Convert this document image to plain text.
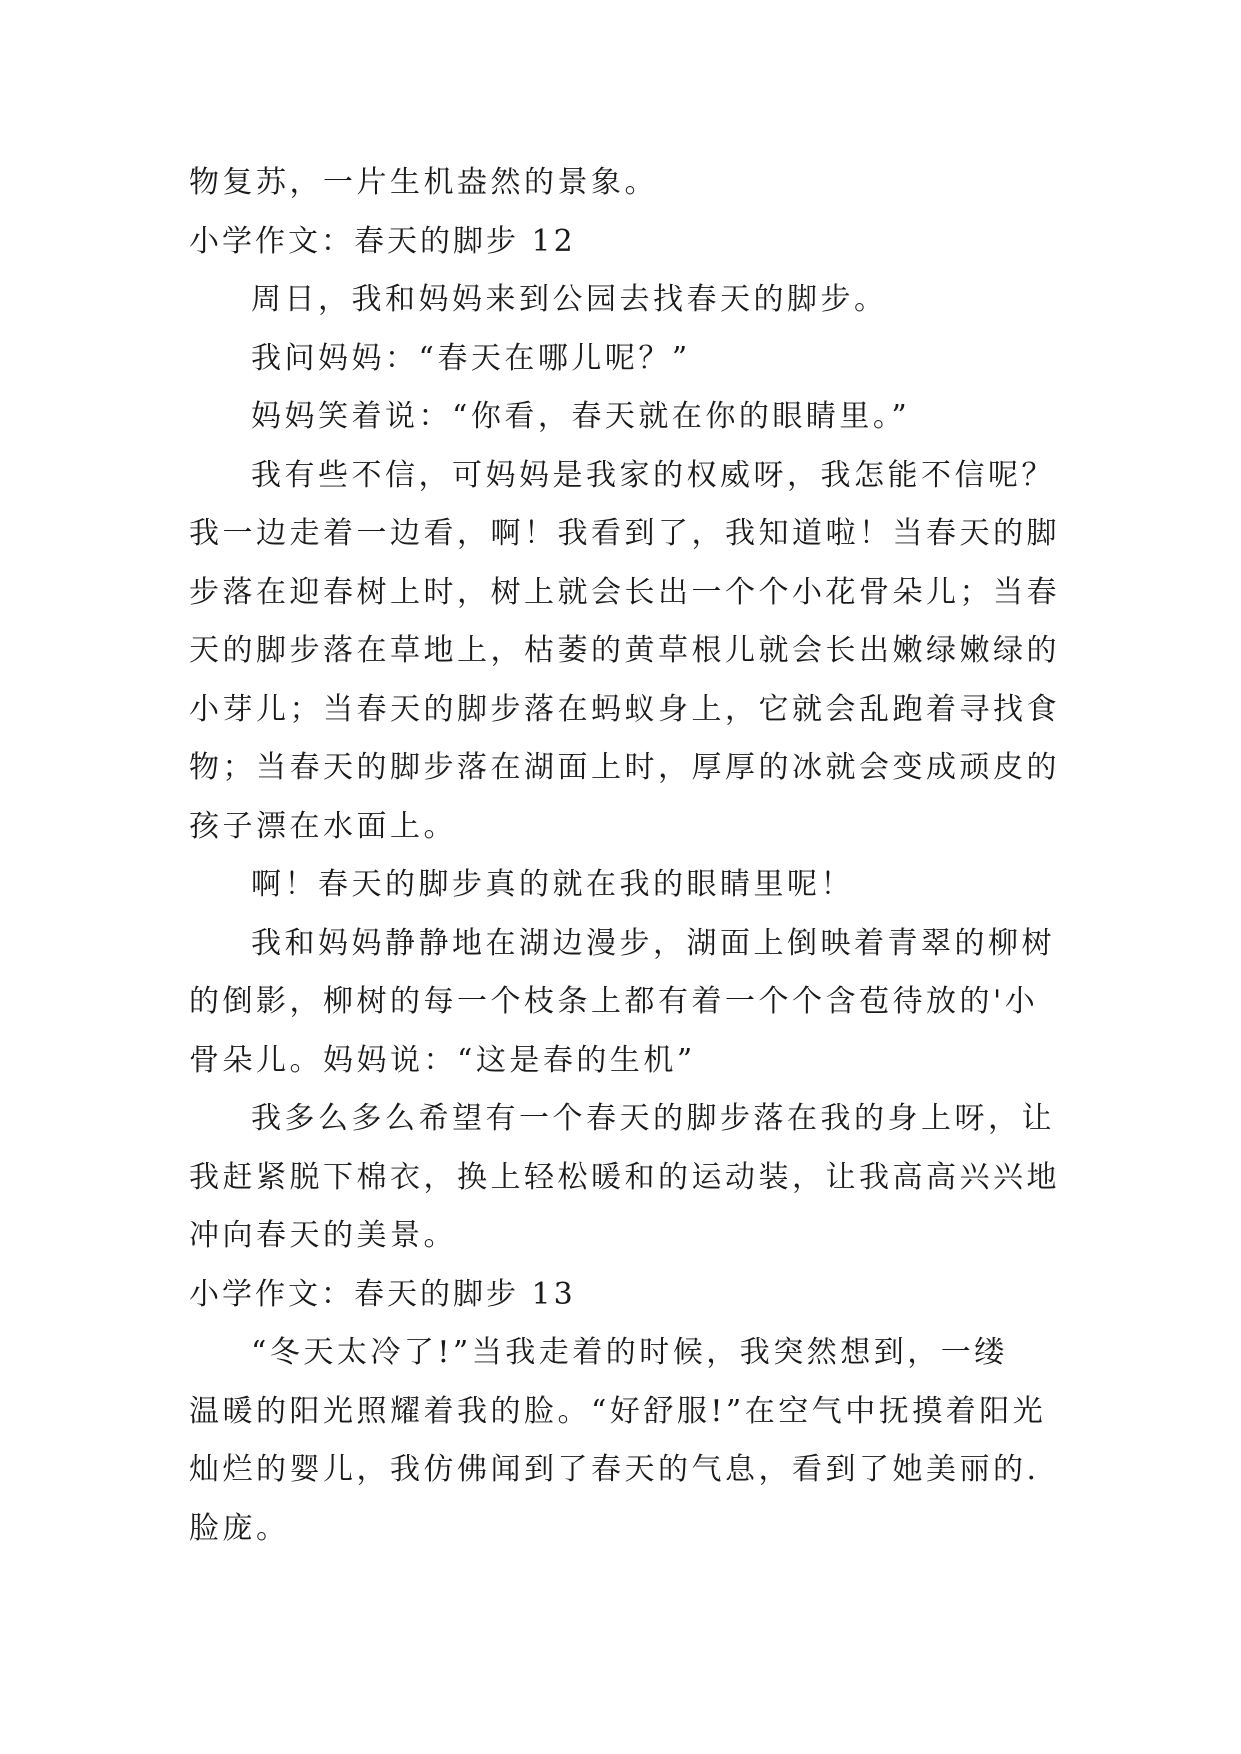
物复苏，一片生机盎然的景象。
小学作文：春天的脚步 12
周日，我和妈妈来到公园去找春天的脚步。
我问妈妈：“春天在哪儿呢？”
妈妈笑着说：“你看，春天就在你的眼睛里。”
我有些不信，可妈妈是我家的权威呀，我怎能不信呢？
我一边走着一边看，啊！我看到了，我知道啦！当春天的脚
步落在迎春树上时，树上就会长出一个个小花骨朵儿；当春
天的脚步落在草地上，枯萎的黄草根儿就会长出嫩绿嫩绿的
小芽儿；当春天的脚步落在蚂蚁身上，它就会乱跑着寻找食
物；当春天的脚步落在湖面上时，厚厚的冰就会变成顽皮的
孩子漂在水面上。
啊！春天的脚步真的就在我的眼睛里呢！
我和妈妈静静地在湖边漫步，湖面上倒映着青翠的柳树
的倒影，柳树的每一个枝条上都有着一个个含苞待放的'小
骨朵儿。妈妈说：“这是春的生机”
我多么多么希望有一个春天的脚步落在我的身上呀，让
我赶紧脱下棉衣，换上轻松暖和的运动装，让我高高兴兴地
冲向春天的美景。
小学作文：春天的脚步 13
“冬天太冷了!”当我走着的时候，我突然想到，一缕
温暖的阳光照耀着我的脸。“好舒服!”在空气中抚摸着阳光
灿烂的婴儿，我仿佛闻到了春天的气息，看到了她美丽的.
脸庞。
